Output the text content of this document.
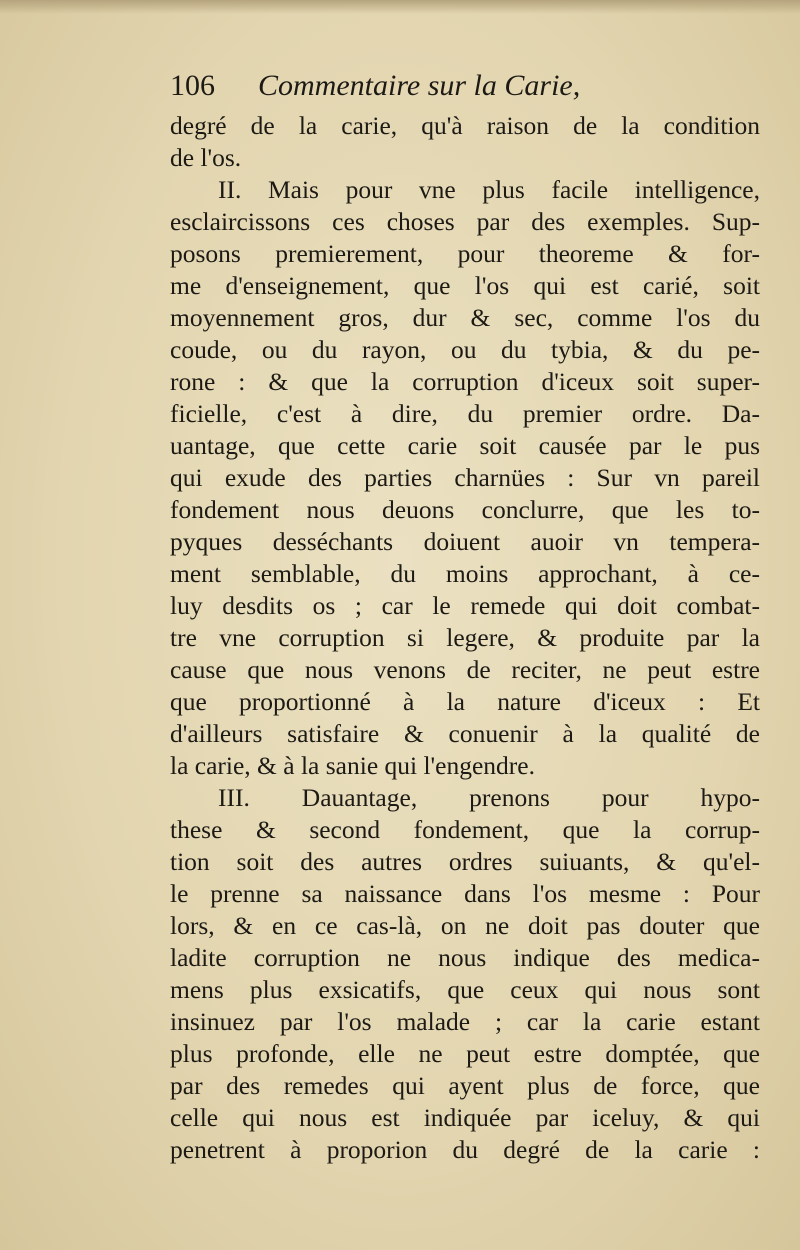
106 Commentaire sur la Carie,
degré de la carie, qu'à raison de la condition
de l'os.
II. Mais pour vne plus facile intelligence,
esclaircissons ces choses par des exemples. Sup-
posons premierement, pour theoreme & for-
me d'enseignement, que l'os qui est carié, soit
moyennement gros, dur & sec, comme l'os du
coude, ou du rayon, ou du tybia, & du pe-
rone : & que la corruption d'iceux soit super-
ficielle, c'est à dire, du premier ordre. Da-
uantage, que cette carie soit causée par le pus
qui exude des parties charnües : Sur vn pareil
fondement nous deuons conclurre, que les to-
pyques desséchants doiuent auoir vn tempera-
ment semblable, du moins approchant, à ce-
luy desdits os ; car le remede qui doit combat-
tre vne corruption si legere, & produite par la
cause que nous venons de reciter, ne peut estre
que proportionné à la nature d'iceux : Et
d'ailleurs satisfaire & conuenir à la qualité de
la carie, & à la sanie qui l'engendre.
III. Dauantage, prenons pour hypo-
these & second fondement, que la corrup-
tion soit des autres ordres suiuants, & qu'el-
le prenne sa naissance dans l'os mesme : Pour
lors, & en ce cas-là, on ne doit pas douter que
ladite corruption ne nous indique des medica-
mens plus exsicatifs, que ceux qui nous sont
insinuez par l'os malade ; car la carie estant
plus profonde, elle ne peut estre domptée, que
par des remedes qui ayent plus de force, que
celle qui nous est indiquée par iceluy, & qui
penetrent à proporion du degré de la carie :
